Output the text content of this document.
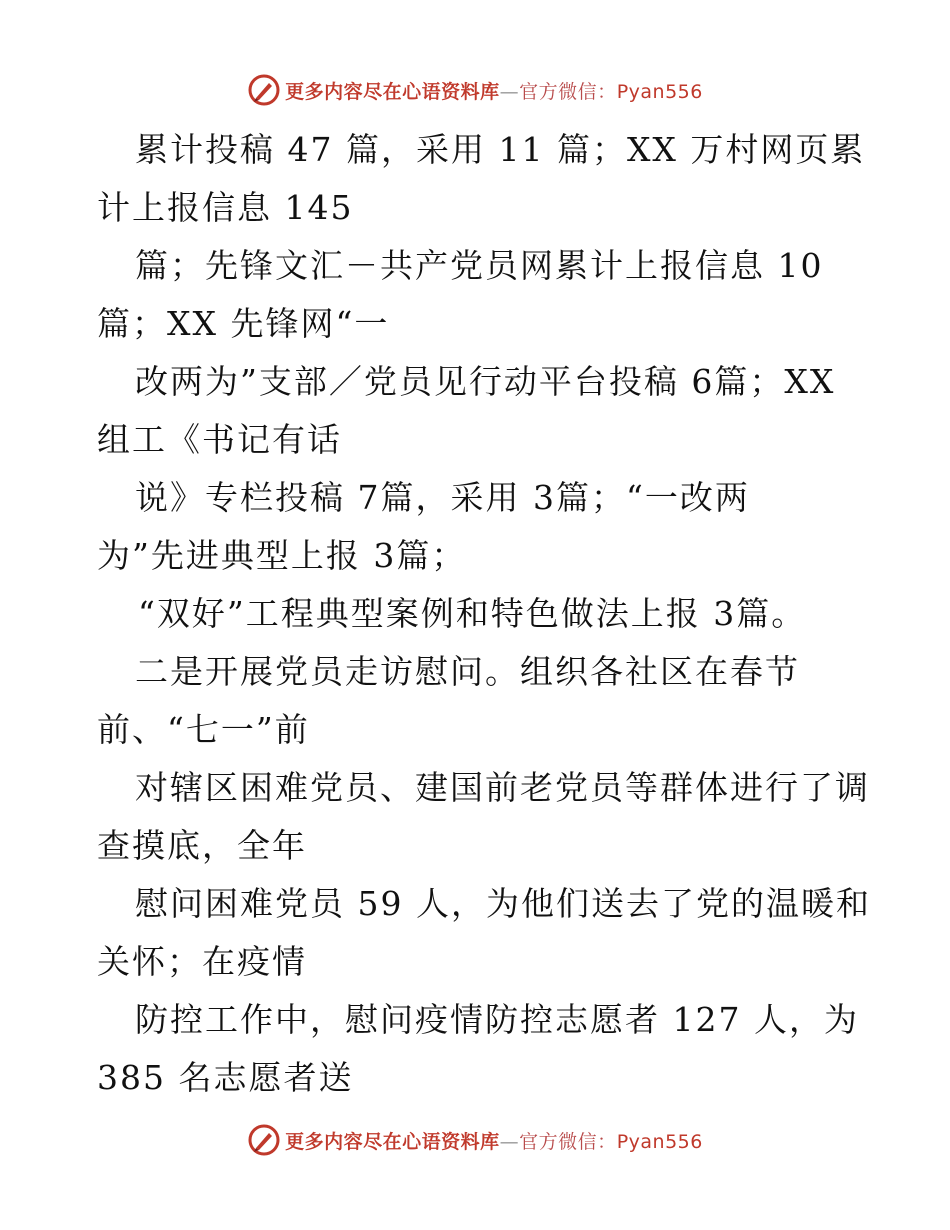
更多内容尽在心语资料库—官方微信：Pyan556
累计投稿 47 篇，采用 11 篇；XX 万村网页累
计上报信息 145
篇；先锋文汇－共产党员网累计上报信息 10
篇；XX 先锋网“一
改两为”支部／党员见行动平台投稿 6篇；XX
组工《书记有话
说》专栏投稿 7篇，采用 3篇；“一改两
为”先进典型上报 3篇；
“双好”工程典型案例和特色做法上报 3篇。
二是开展党员走访慰问。组织各社区在春节
前、“七一”前
对辖区困难党员、建国前老党员等群体进行了调
查摸底，全年
慰问困难党员 59 人，为他们送去了党的温暖和
关怀；在疫情
防控工作中，慰问疫情防控志愿者 127 人，为
385 名志愿者送
更多内容尽在心语资料库—官方微信：Pyan556
